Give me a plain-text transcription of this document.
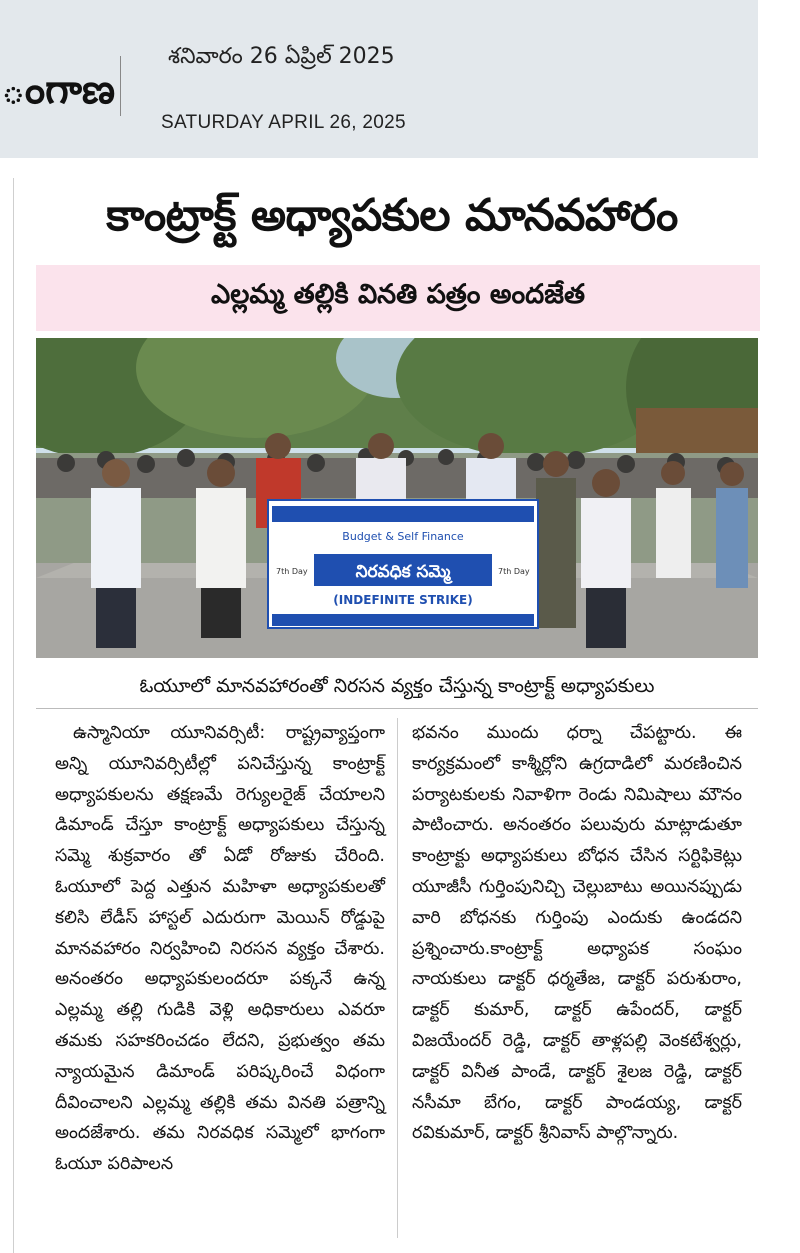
ంగాణ
శనివారం 26 ఏప్రిల్ 2025
SATURDAY APRIL 26, 2025
కాంట్రాక్ట్ అధ్యాపకుల మానవహారం
ఎల్లమ్మ తల్లికి వినతి పత్రం అందజేత
Budget & Self Finance
7th Day	7th Day
నిరవధిక సమ్మె
(INDEFINITE STRIKE)
ఓయూలో మానవహారంతో నిరసన వ్యక్తం చేస్తున్న కాంట్రాక్ట్ అధ్యాపకులు

ఉస్మానియా యూనివర్సిటీ: రాష్ట్రవ్యాప్తంగా అన్ని యూనివర్సిటీల్లో పనిచేస్తున్న కాంట్రాక్ట్ అధ్యాపకులను తక్షణమే రెగ్యులరైజ్ చేయాలని డిమాండ్ చేస్తూ కాంట్రాక్ట్ అధ్యాపకులు చేస్తున్న సమ్మె శుక్రవారం తో ఏడో రోజుకు చేరింది. ఓయూలో పెద్ద ఎత్తున మహిళా అధ్యాపకులతో కలిసి లేడీస్ హాస్టల్ ఎదురుగా మెయిన్ రోడ్డుపై మానవహారం నిర్వహించి నిరసన వ్యక్తం చేశారు. అనంతరం అధ్యాపకులందరూ పక్కనే ఉన్న ఎల్లమ్మ తల్లి గుడికి వెళ్లి అధికారులు ఎవరూ తమకు సహకరించడం లేదని, ప్రభుత్వం తమ న్యాయమైన డిమాండ్ పరిష్కరించే విధంగా దీవించాలని ఎల్లమ్మ తల్లికి తమ వినతి పత్రాన్ని అందజేశారు. తమ నిరవధిక సమ్మెలో భాగంగా ఓయూ పరిపాలన

భవనం ముందు ధర్నా చేపట్టారు. ఈ కార్యక్రమంలో కాశ్మీర్లోని ఉగ్రదాడిలో మరణించిన పర్యాటకులకు నివాళిగా రెండు నిమిషాలు మౌనం పాటించారు. అనంతరం పలువురు మాట్లాడుతూ కాంట్రాక్టు అధ్యాపకులు బోధన చేసిన సర్టిఫికెట్లు యూజీసీ గుర్తింపునిచ్చి చెల్లుబాటు అయినప్పుడు వారి బోధనకు గుర్తింపు ఎందుకు ఉండదని ప్రశ్నించారు.కాంట్రాక్ట్ అధ్యాపక సంఘం నాయకులు డాక్టర్ ధర్మతేజ, డాక్టర్ పరుశురాం, డాక్టర్ కుమార్, డాక్టర్ ఉపేందర్, డాక్టర్ విజయేందర్ రెడ్డి, డాక్టర్ తాళ్లపల్లి వెంకటేశ్వర్లు, డాక్టర్ వినీత పాండే, డాక్టర్ శైలజ రెడ్డి, డాక్టర్ నసీమా బేగం, డాక్టర్ పాండయ్య, డాక్టర్ రవికుమార్, డాక్టర్ శ్రీనివాస్ పాల్గొన్నారు.
